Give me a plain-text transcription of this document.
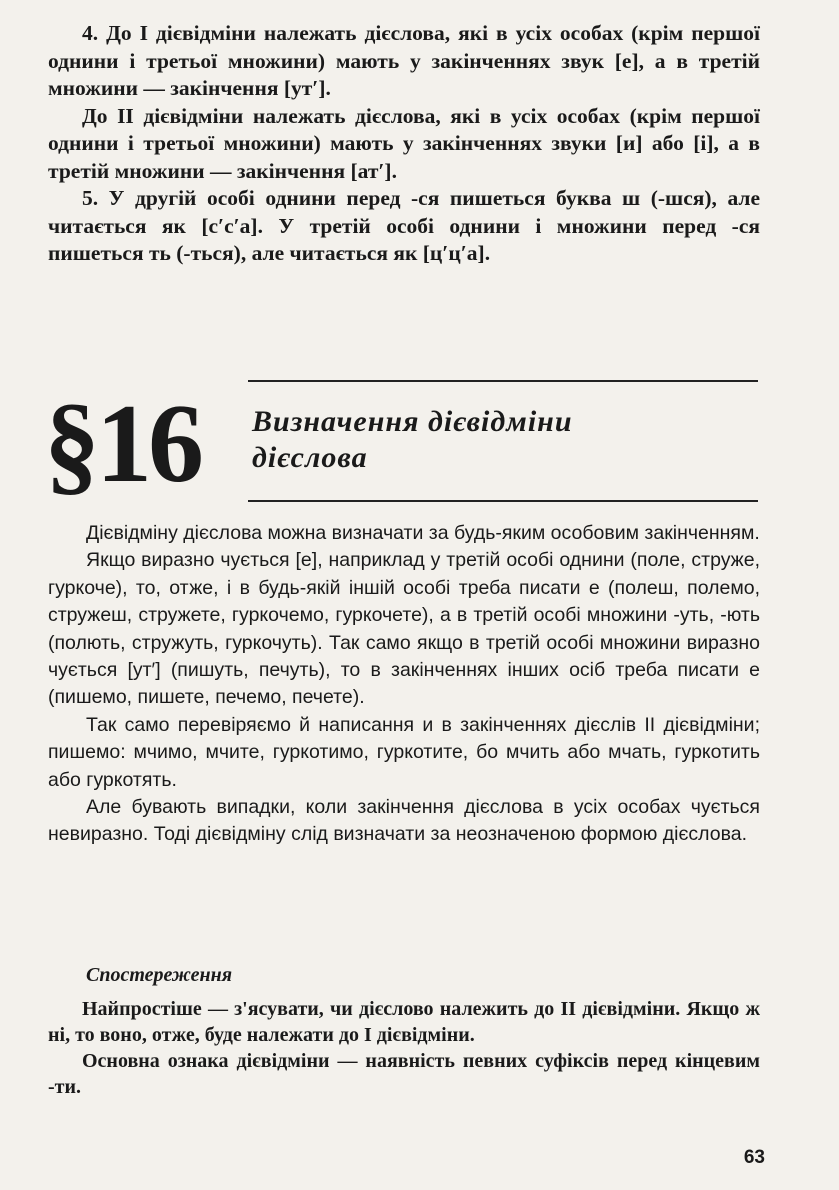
4. До І дієвідміни належать дієслова, які в усіх особах (крім першої однини і третьої множини) мають у закінченнях звук [е], а в третій множини — закінчення [ут′].

До ІІ дієвідміни належать дієслова, які в усіх особах (крім першої однини і третьої множини) мають у закінченнях звуки [и] або [і], а в третій множини — закінчення [ат′].

5. У другій особі однини перед -ся пишеться буква ш (-шся), але читається як [с′с′а]. У третій особі однини і множини перед -ся пишеться ть (-ться), але читається як [ц′ц′а].

§16 Визначення дієвідміни
дієслова

Дієвідміну дієслова можна визначати за будь-яким особовим закінченням.

Якщо виразно чується [е], наприклад у третій особі однини (поле, струже, гуркоче), то, отже, і в будь-якій іншій особі треба писати е (полеш, полемо, стружеш, стружете, гуркочемо, гуркочете), а в третій особі множини -уть, -ють (полють, стружуть, гуркочуть). Так само якщо в третій особі множини виразно чується [ут′] (пишуть, печуть), то в закінченнях інших осіб треба писати е (пишемо, пишете, печемо, печете).

Так само перевіряємо й написання и в закінченнях дієслів ІІ дієвідміни; пишемо: мчимо, мчите, гуркотимо, гуркотите, бо мчить або мчать, гуркотить або гуркотять.

Але бувають випадки, коли закінчення дієслова в усіх особах чується невиразно. Тоді дієвідміну слід визначати за неозначеною формою дієслова.

Спостереження

Найпростіше — з'ясувати, чи дієслово належить до ІІ дієвідміни. Якщо ж ні, то воно, отже, буде належати до І дієвідміни.

Основна ознака дієвідміни — наявність певних суфіксів перед кінцевим -ти.

63
